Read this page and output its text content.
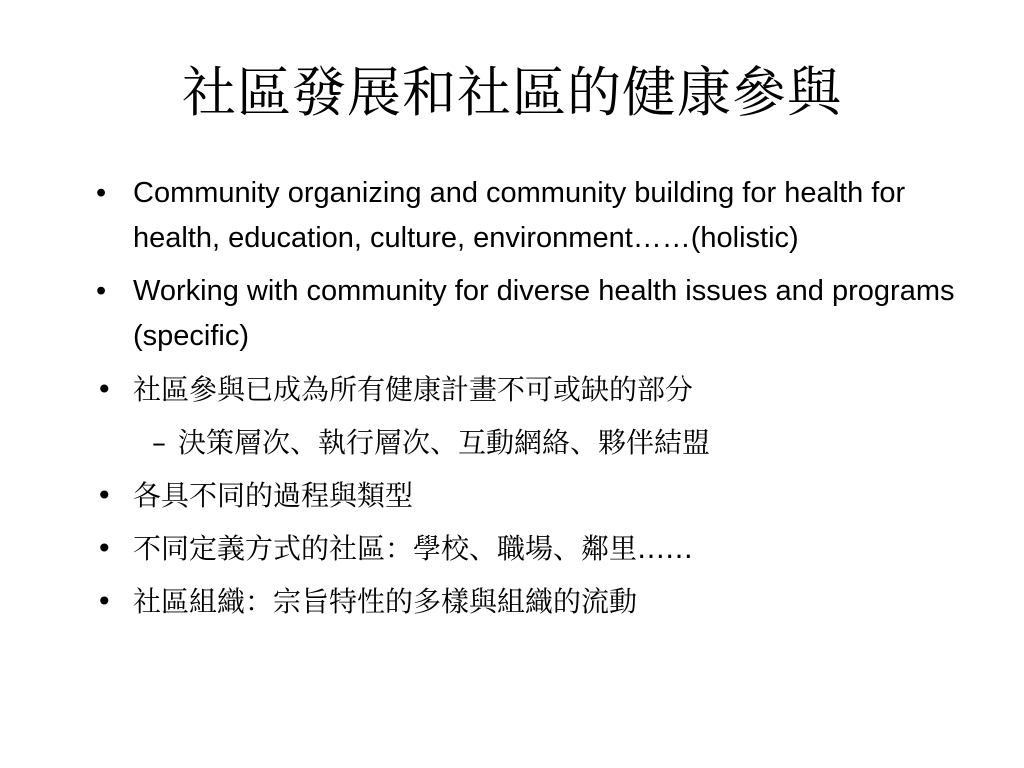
社區發展和社區的健康參與
• Community organizing and community building for health for health, education, culture, environment……(holistic)
• Working with community for diverse health issues and programs (specific)
• 社區參與已成為所有健康計畫不可或缺的部分
– 決策層次、執行層次、互動網絡、夥伴結盟
• 各具不同的過程與類型
• 不同定義方式的社區：學校、職場、鄰里……
• 社區組織：宗旨特性的多樣與組織的流動
